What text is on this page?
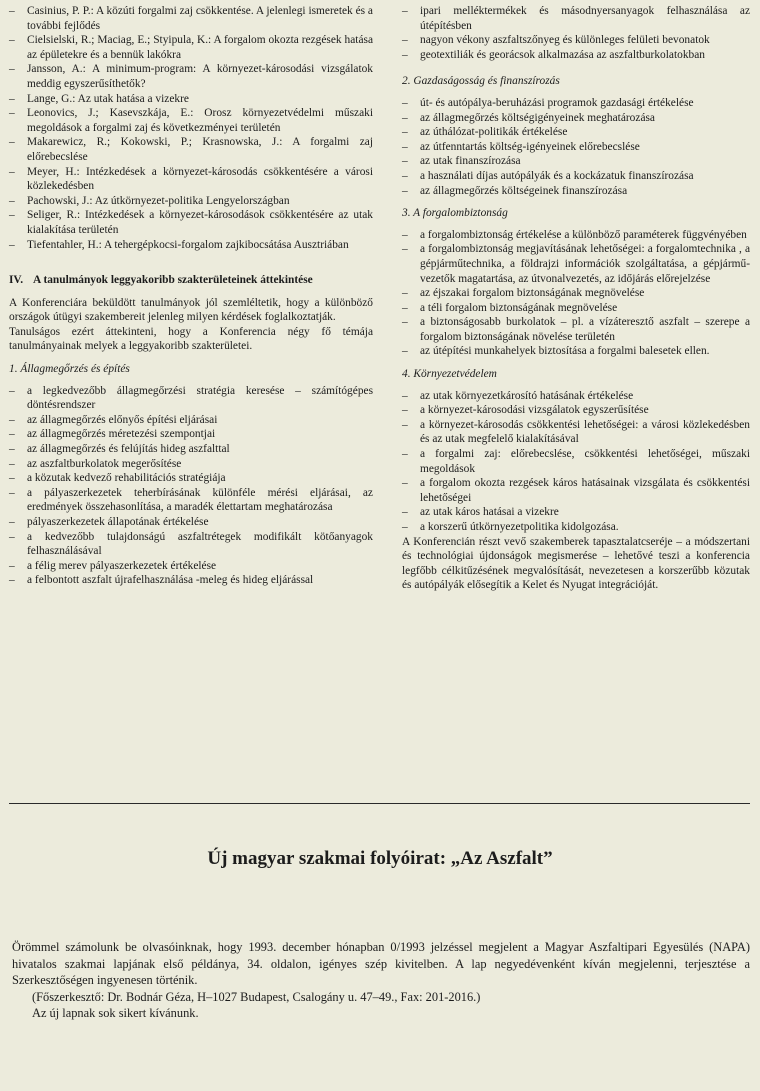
–	Casinius, P. P.: A közúti forgalmi zaj csökkentése. A jelenlegi ismeretek és a további fejlődés
–	Cielsielski, R.; Maciag, E.; Styipula, K.: A forgalom okozta rezgések hatása az épületekre és a bennük lakókra
–	Jansson, A.: A minimum-program: A környezet-károsodási vizsgálatok meddig egyszerűsíthetők?
–	Lange, G.: Az utak hatása a vizekre
–	Leonovics, J.; Kasevszkája, E.: Orosz környezetvédelmi műszaki megoldások a forgalmi zaj és következményei területén
–	Makarewicz, R.; Kokowski, P.; Krasnowska, J.: A forgalmi zaj előrebecslése
–	Meyer, H.: Intézkedések a környezet-károsodás csökkentésére a városi közlekedésben
–	Pachowski, J.: Az útkörnyezet-politika Lengyelországban
–	Seliger, R.: Intézkedések a környezet-károsodások csökkentésére az utak kialakítása területén
–	Tiefentahler, H.: A tehergépkocsi-forgalom zajkibocsátása Ausztriában
IV. A tanulmányok leggyakoribb szakterületeinek áttekintése
A Konferenciára beküldött tanulmányok jól szemléltetik, hogy a különböző országok útügyi szakembereit jelenleg milyen kérdések foglalkoztatják.
Tanulságos ezért áttekinteni, hogy a Konferencia négy fő témája tanulmányainak melyek a leggyakoribb szakterületei.
1. Állagmegőrzés és építés
–	a legkedvezőbb állagmegőrzési stratégia keresése – számítógépes döntésrendszer
–	az állagmegőrzés előnyős építési eljárásai
–	az állagmegőrzés méretezési szempontjai
–	az állagmegőrzés és felújítás hideg aszfalttal
–	az aszfaltburkolatok megerősítése
–	a közutak kedvező rehabilitációs stratégiája
–	a pályaszerkezetek teherbírásának különféle mérési eljárásai, az eredmények összehasonlítása, a maradék élettartam meghatározása
–	pályaszerkezetek állapotának értékelése
–	a kedvezőbb tulajdonságú aszfaltrétegek modifikált kötőanyagok felhasználásával
–	a félig merev pályaszerkezetek értékelése
–	a felbontott aszfalt újrafelhasználása -meleg és hideg eljárással
–	ipari melléktermékek és másodnyersanyagok felhasználása az útépítésben
–	nagyon vékony aszfaltszőnyeg és különleges felületi bevonatok
–	geotextiliák és georácsok alkalmazása az aszfaltburkolatokban
2. Gazdaságosság és finanszírozás
–	út- és autópálya-beruházási programok gazdasági értékelése
–	az állagmegőrzés költségigényeinek meghatározása
–	az úthálózat-politikák értékelése
–	az útfenntartás költség-igényeinek előrebecslése
–	az utak finanszírozása
–	a használati díjas autópályák és a kockázatuk finanszírozása
–	az állagmegőrzés költségeinek finanszírozása
3. A forgalombiztonság
–	a forgalombiztonság értékelése a különböző paraméterek függvényében
–	a forgalombiztonság megjavításának lehetőségei: a forgalomtechnika , a gépjárműtechnika, a földrajzi információk szolgáltatása, a gépjármű-vezetők magatartása, az útvonalvezetés, az időjárás előrejelzése
–	az éjszakai forgalom biztonságának megnövelése
–	a téli forgalom biztonságának megnövelése
–	a biztonságosabb burkolatok – pl. a vízáteresztő aszfalt – szerepe a forgalom biztonságának növelése területén
–	az útépítési munkahelyek biztosítása a forgalmi balesetek ellen.
4. Környezetvédelem
–	az utak környezetkárosító hatásának értékelése
–	a környezet-károsodási vizsgálatok egyszerűsítése
–	a környezet-károsodás csökkentési lehetőségei: a városi közlekedésben és az utak megfelelő kialakításával
–	a forgalmi zaj: előrebecslése, csökkentési lehetőségei, műszaki megoldások
–	a forgalom okozta rezgések káros hatásainak vizsgálata és csökkentési lehetőségei
–	az utak káros hatásai a vizekre
–	a korszerű útkörnyezetpolitika kidolgozása.
A Konferencián részt vevő szakemberek tapasztalatcseréje – a módszertani és technológiai újdonságok megismerése – lehetővé teszi a konferencia legfőbb célkitűzésének megvalósítását, nevezetesen a korszerűbb közutak és autópályák elősegítik a Kelet és Nyugat integrációját.
Új magyar szakmai folyóirat: „Az Aszfalt”
Örömmel számolunk be olvasóinknak, hogy 1993. december hónapban 0/1993 jelzéssel megjelent a Magyar Aszfaltipari Egyesülés (NAPA) hivatalos szakmai lapjának első példánya, 34. oldalon, igényes szép kivitelben. A lap negyedévenként kíván megjelenni, terjesztése a Szerkesztőségen ingyenesen történik.
(Főszerkesztő: Dr. Bodnár Géza, H–1027 Budapest, Csalogány u. 47–49., Fax: 201-2016.)
Az új lapnak sok sikert kívánunk.
